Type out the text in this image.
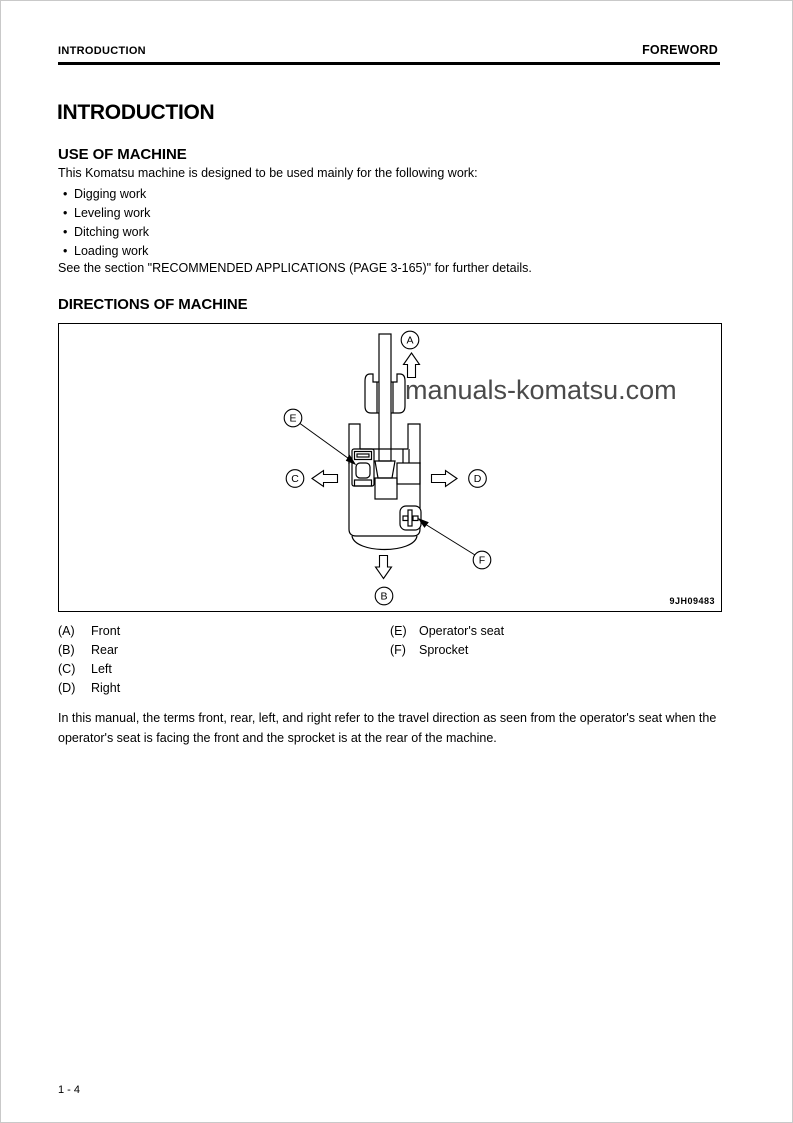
INTRODUCTION	FOREWORD
INTRODUCTION
USE OF MACHINE
This Komatsu machine is designed to be used mainly for the following work:
• Digging work
• Leveling work
• Ditching work
• Loading work
See the section "RECOMMENDED APPLICATIONS (PAGE 3-165)" for further details.
DIRECTIONS OF MACHINE
A
B
C	D
E
F
manuals-komatsu.com
9JH09483
(A) Front
(B) Rear
(C) Left
(D) Right
(E) Operator's seat
(F) Sprocket
In this manual, the terms front, rear, left, and right refer to the travel direction as seen from the operator's seat when the operator's seat is facing the front and the sprocket is at the rear of the machine.
1 - 4
